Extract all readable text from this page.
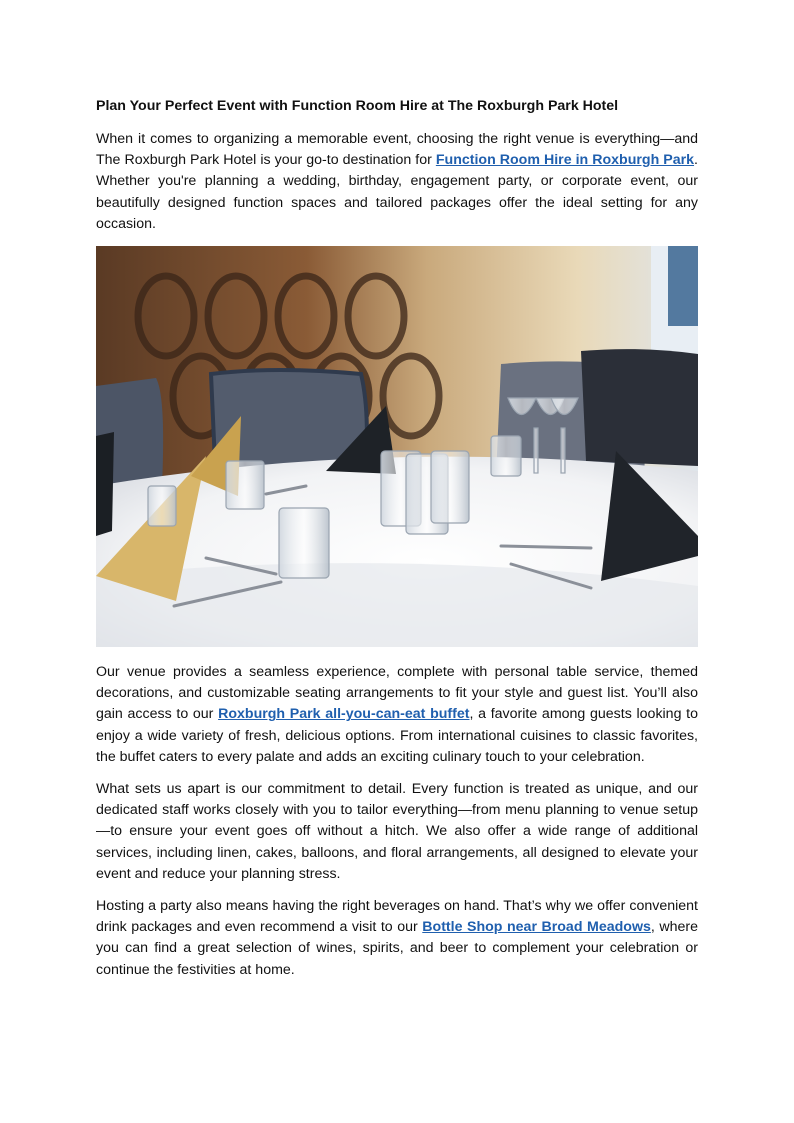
Plan Your Perfect Event with Function Room Hire at The Roxburgh Park Hotel

When it comes to organizing a memorable event, choosing the right venue is everything—and The Roxburgh Park Hotel is your go-to destination for Function Room Hire in Roxburgh Park. Whether you're planning a wedding, birthday, engagement party, or corporate event, our beautifully designed function spaces and tailored packages offer the ideal setting for any occasion.

Our venue provides a seamless experience, complete with personal table service, themed decorations, and customizable seating arrangements to fit your style and guest list. You’ll also gain access to our Roxburgh Park all-you-can-eat buffet, a favorite among guests looking to enjoy a wide variety of fresh, delicious options. From international cuisines to classic favorites, the buffet caters to every palate and adds an exciting culinary touch to your celebration.

What sets us apart is our commitment to detail. Every function is treated as unique, and our dedicated staff works closely with you to tailor everything—from menu planning to venue setup—to ensure your event goes off without a hitch. We also offer a wide range of additional services, including linen, cakes, balloons, and floral arrangements, all designed to elevate your event and reduce your planning stress.

Hosting a party also means having the right beverages on hand. That’s why we offer convenient drink packages and even recommend a visit to our Bottle Shop near Broad Meadows, where you can find a great selection of wines, spirits, and beer to complement your celebration or continue the festivities at home.
